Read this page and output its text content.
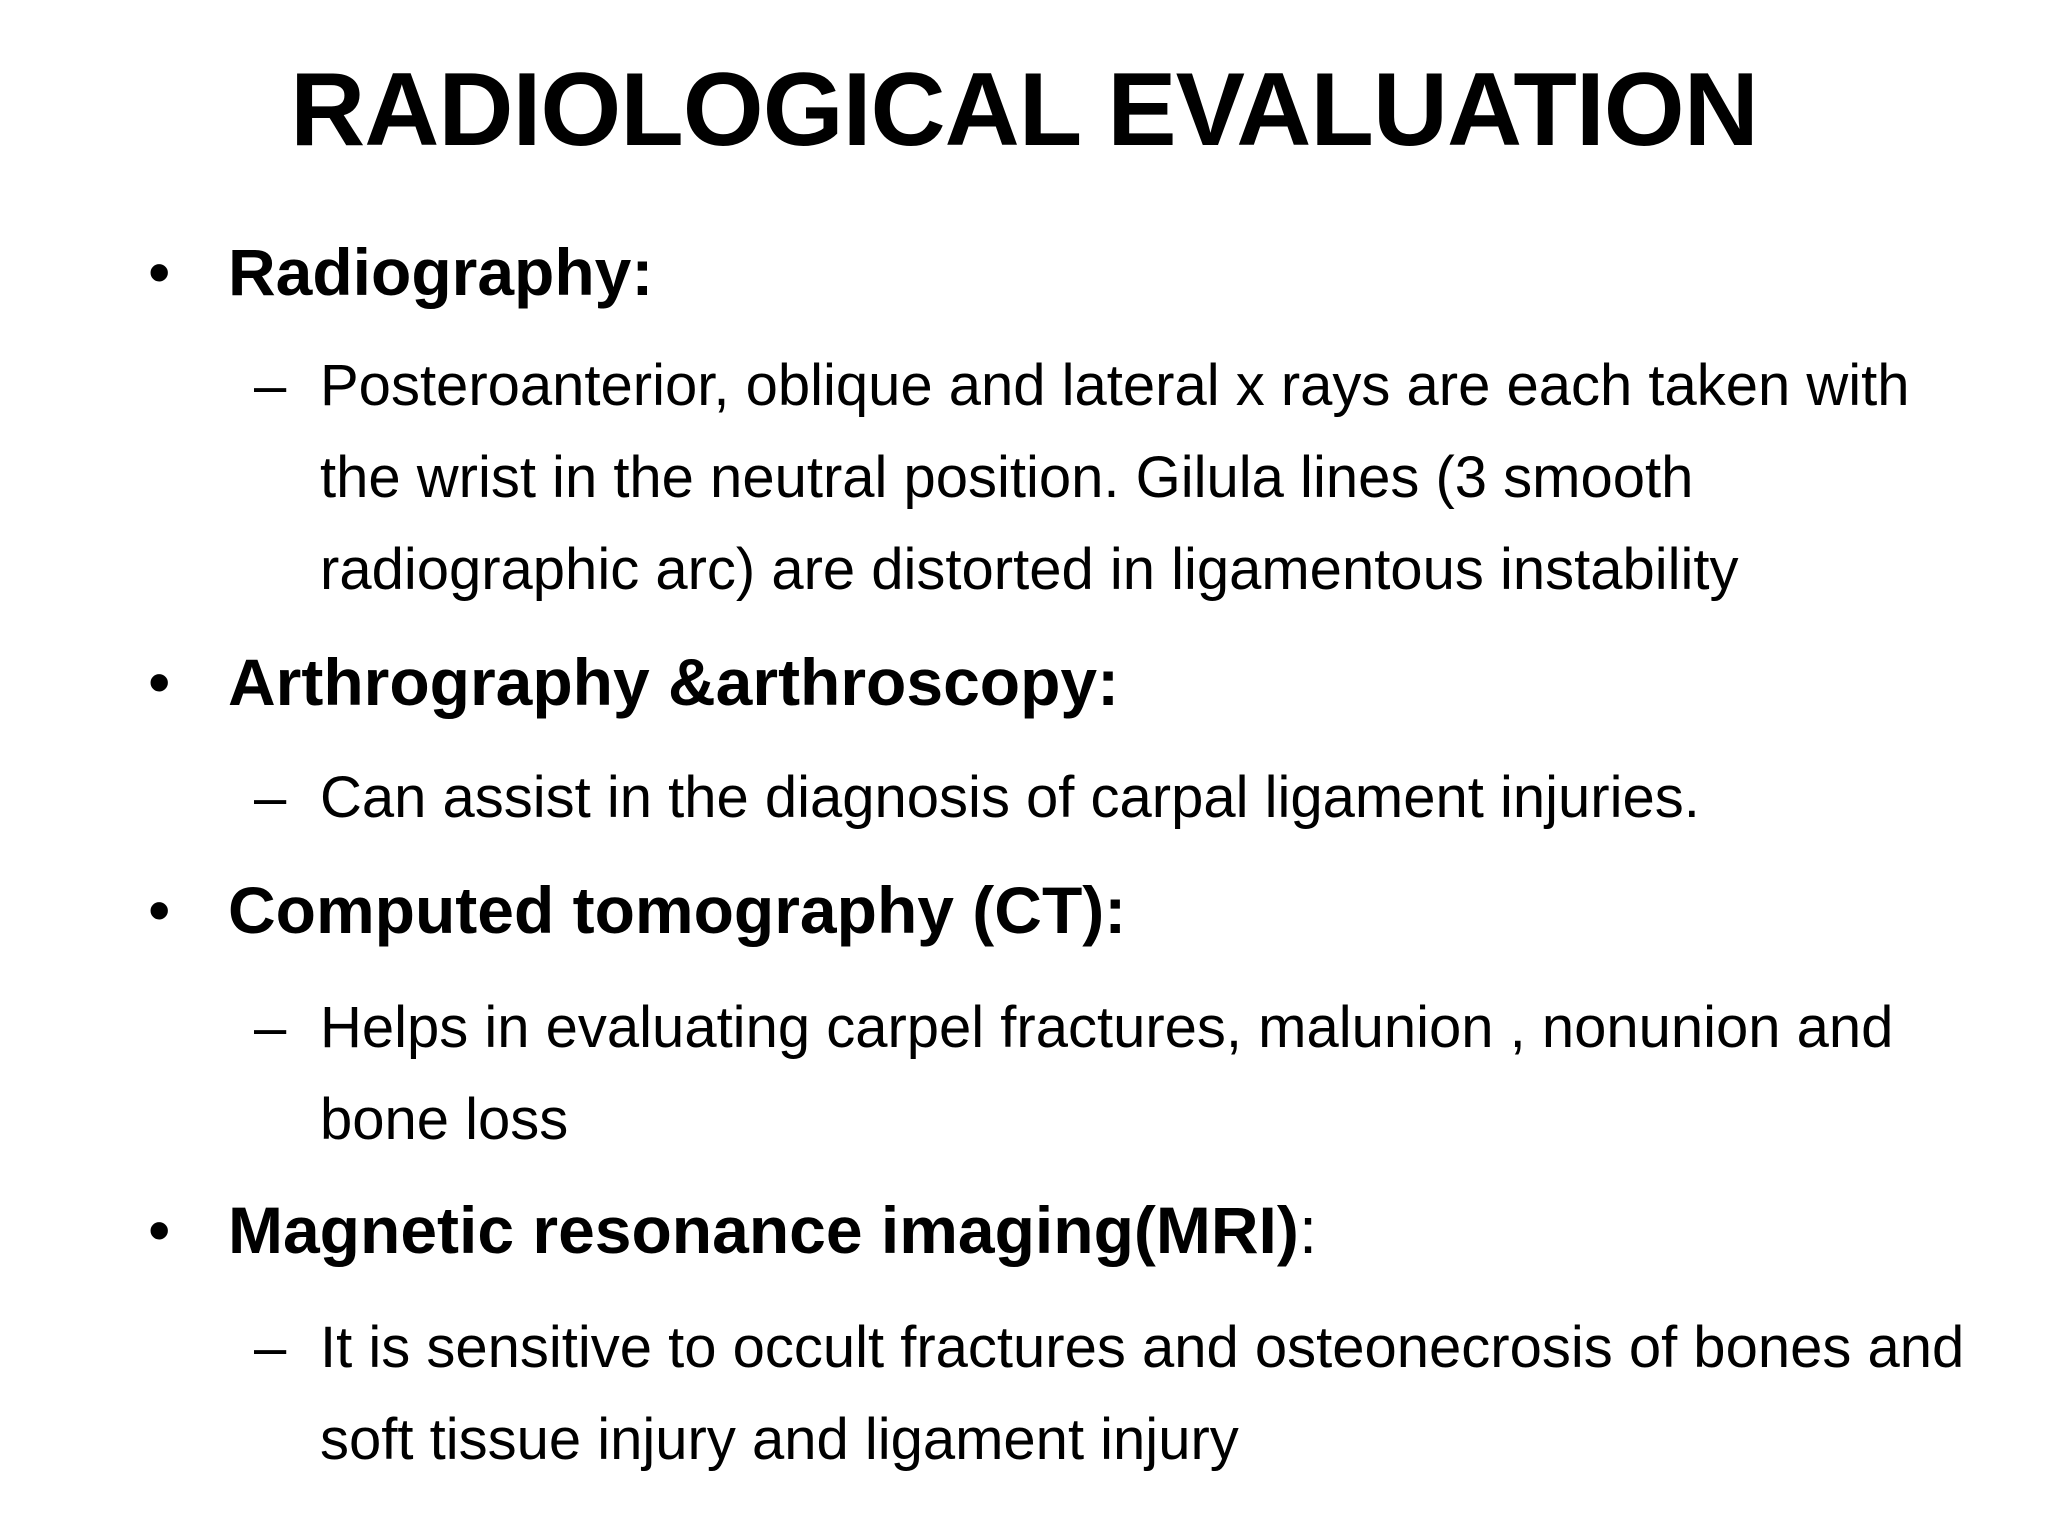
RADIOLOGICAL EVALUATION
• Radiography:
– Posteroanterior, oblique and lateral x rays are each taken with the wrist in the neutral position. Gilula lines (3 smooth radiographic arc) are distorted in ligamentous instability
• Arthrography &arthroscopy:
– Can assist in the diagnosis of carpal ligament injuries.
• Computed tomography (CT):
– Helps in evaluating carpel fractures, malunion , nonunion and bone loss
• Magnetic resonance imaging(MRI):
– It is sensitive to occult fractures and osteonecrosis of bones and soft tissue injury and ligament injury
